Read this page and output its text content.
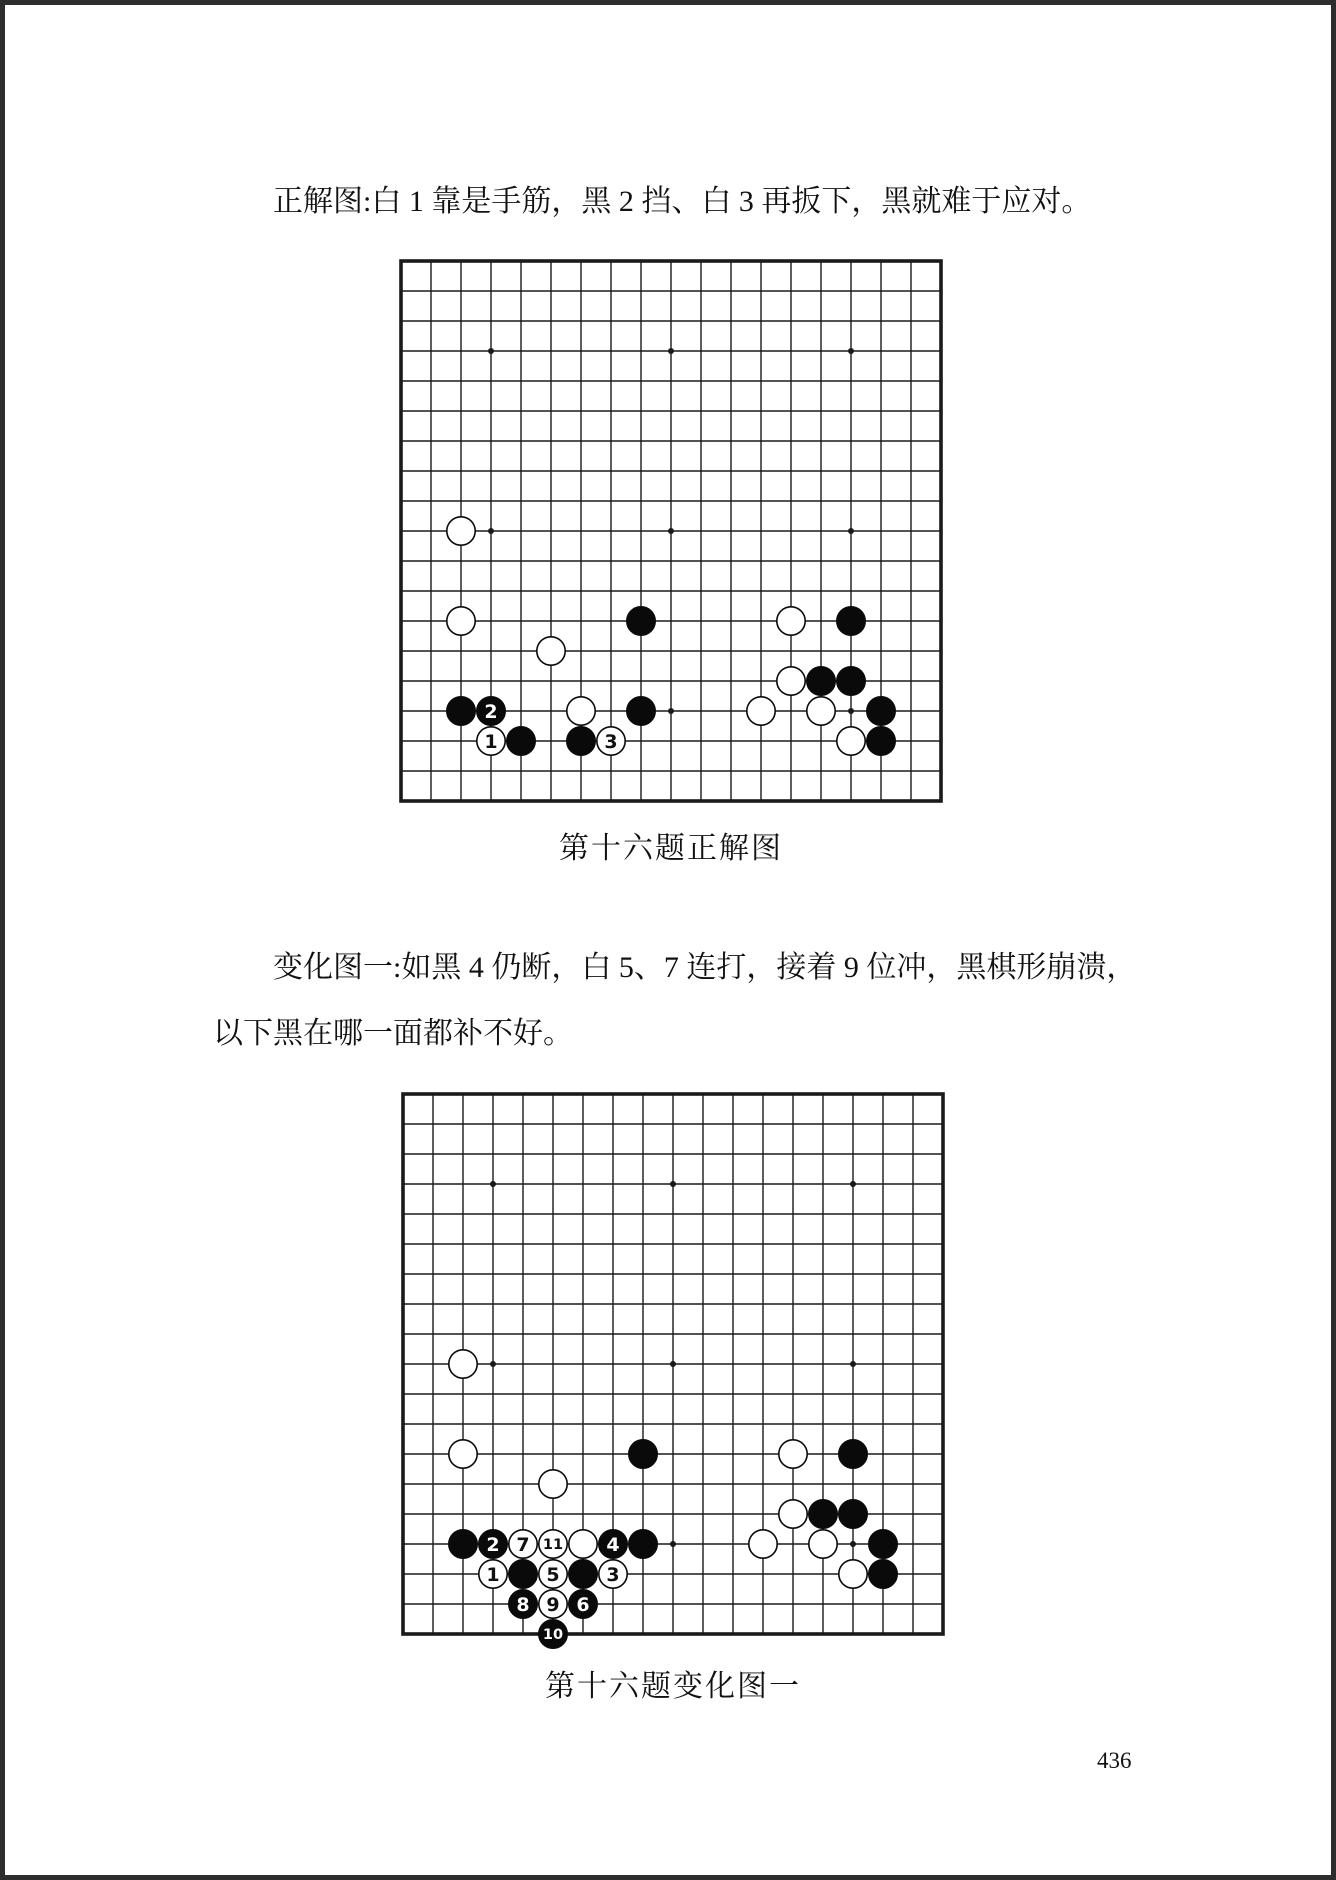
正解图:白 1 靠是手筋，黑 2 挡、白 3 再扳下，黑就难于应对。
2
1	3
第十六题正解图
变化图一:如黑 4 仍断，白 5、7 连打，接着 9 位冲，黑棋形崩溃，
以下黑在哪一面都补不好。
2 7 11 4
1 5 3
8 9 6
10
第十六题变化图一
436
